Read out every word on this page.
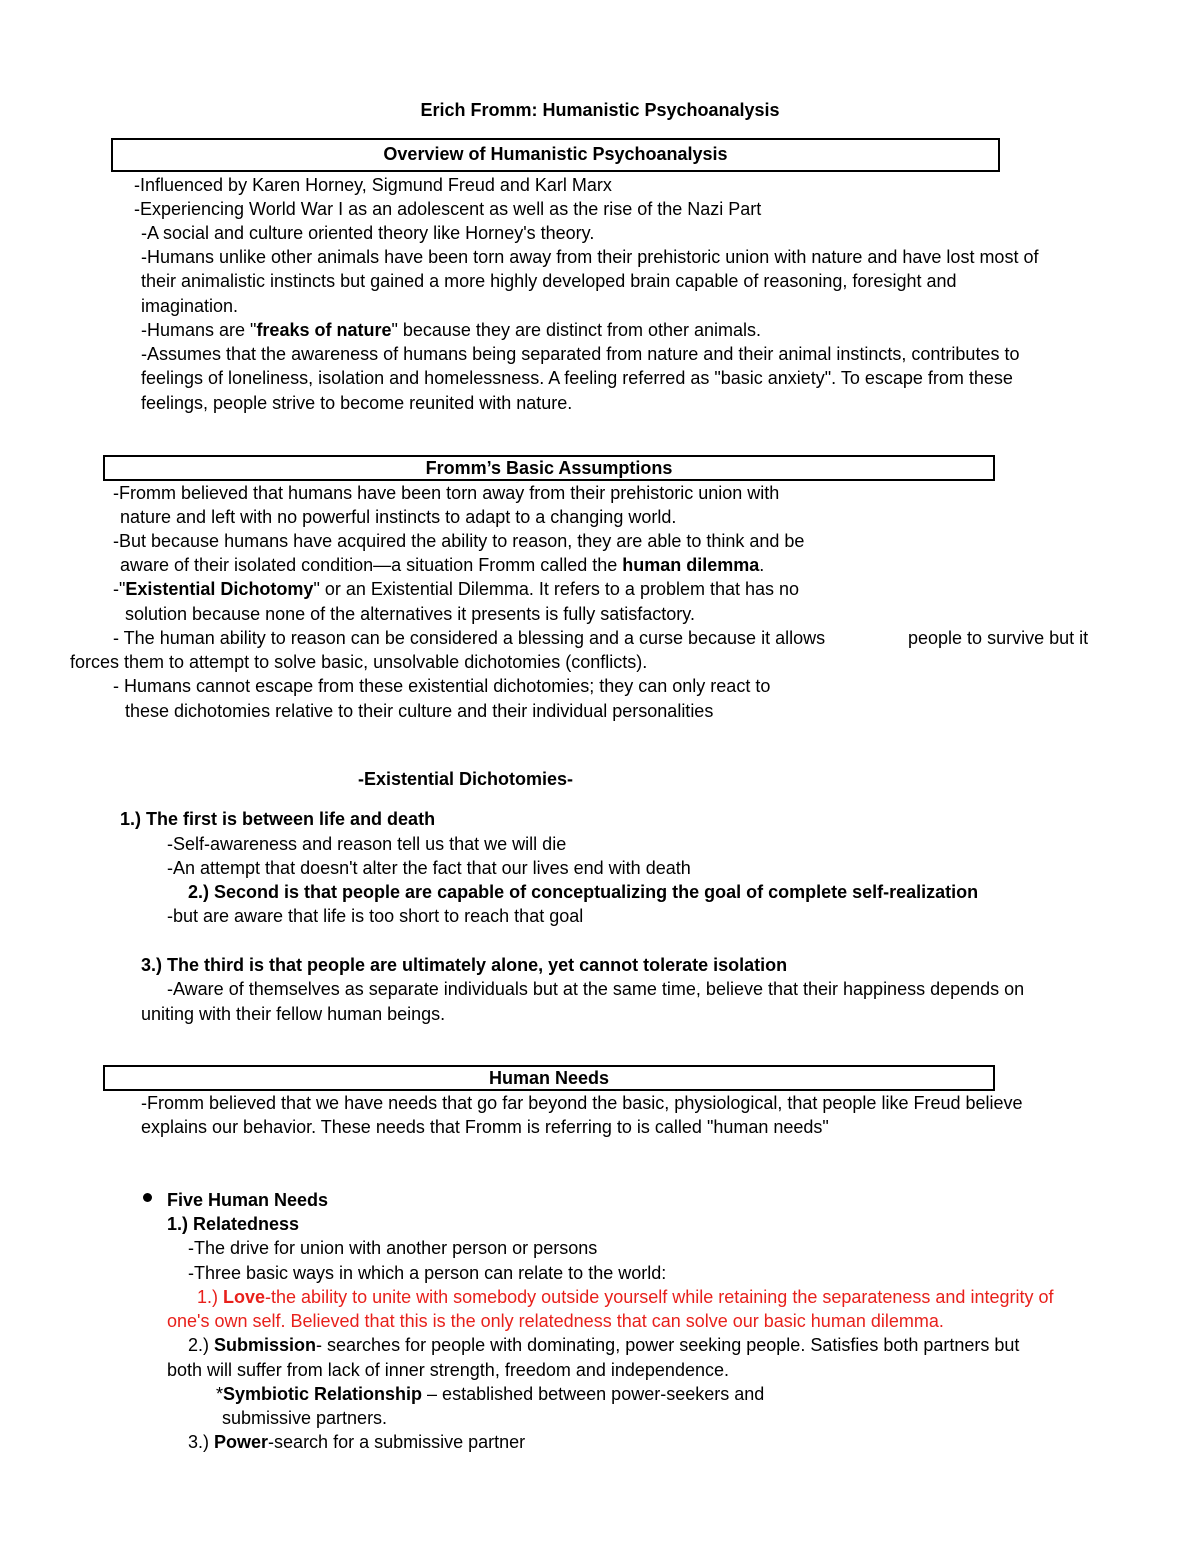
Erich Fromm: Humanistic Psychoanalysis
Overview of Humanistic Psychoanalysis
-Influenced by Karen Horney, Sigmund Freud and Karl Marx
-Experiencing World War I as an adolescent as well as the rise of the Nazi Part
-A social and culture oriented theory like Horney's theory.
-Humans unlike other animals have been torn away from their prehistoric union with nature and have lost most of
their animalistic instincts but gained a more highly developed brain capable of reasoning, foresight and
imagination.
-Humans are "freaks of nature" because they are distinct from other animals.
-Assumes that the awareness of humans being separated from nature and their animal instincts, contributes to
feelings of loneliness, isolation and homelessness. A feeling referred as "basic anxiety". To escape from these
feelings, people strive to become reunited with nature.
Fromm’s Basic Assumptions
-Fromm believed that humans have been torn away from their prehistoric union with
nature and left with no powerful instincts to adapt to a changing world.
-But because humans have acquired the ability to reason, they are able to think and be
aware of their isolated condition—a situation Fromm called the human dilemma.
-"Existential Dichotomy" or an Existential Dilemma. It refers to a problem that has no
solution because none of the alternatives it presents is fully satisfactory.
- The human ability to reason can be considered a blessing and a curse because it allows	people to survive but it
forces them to attempt to solve basic, unsolvable dichotomies (conflicts).
- Humans cannot escape from these existential dichotomies; they can only react to
these dichotomies relative to their culture and their individual personalities
-Existential Dichotomies-
1.) The first is between life and death
-Self-awareness and reason tell us that we will die
-An attempt that doesn't alter the fact that our lives end with death
2.) Second is that people are capable of conceptualizing the goal of complete self-realization
-but are aware that life is too short to reach that goal
3.) The third is that people are ultimately alone, yet cannot tolerate isolation
-Aware of themselves as separate individuals but at the same time, believe that their happiness depends on
uniting with their fellow human beings.
Human Needs
-Fromm believed that we have needs that go far beyond the basic, physiological, that people like Freud believe
explains our behavior. These needs that Fromm is referring to is called "human needs"
Five Human Needs
1.) Relatedness
-The drive for union with another person or persons
-Three basic ways in which a person can relate to the world:
1.) Love-the ability to unite with somebody outside yourself while retaining the separateness and integrity of
one's own self. Believed that this is the only relatedness that can solve our basic human dilemma.
2.) Submission- searches for people with dominating, power seeking people. Satisfies both partners but
both will suffer from lack of inner strength, freedom and independence.
*Symbiotic Relationship – established between power-seekers and
submissive partners.
3.) Power-search for a submissive partner
